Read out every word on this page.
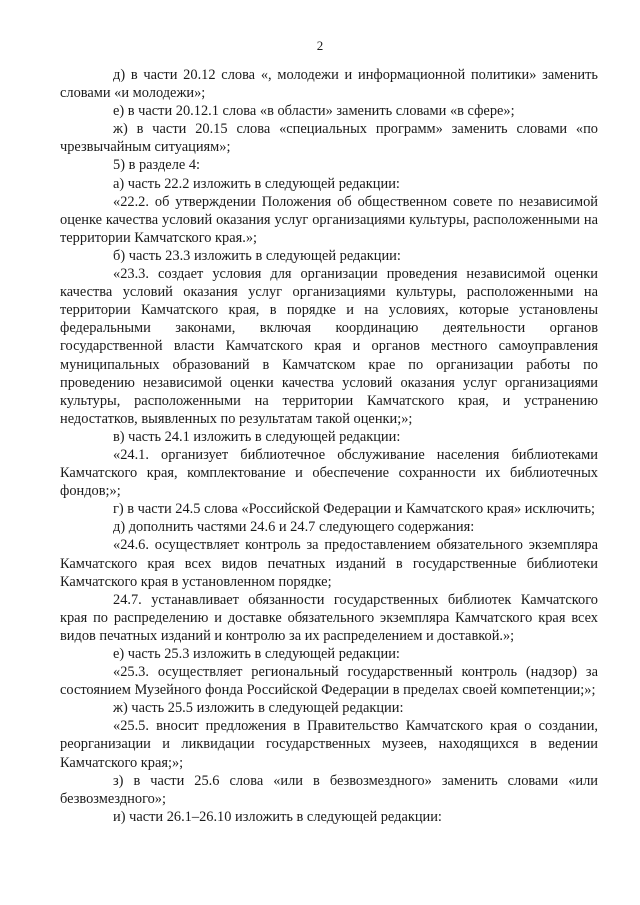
2

д) в части 20.12 слова «, молодежи и информационной политики» заменить словами «и молодежи»;

е) в части 20.12.1 слова «в области» заменить словами «в сфере»;

ж) в части 20.15 слова «специальных программ» заменить словами «по чрезвычайным ситуациям»;

5) в разделе 4:

а) часть 22.2 изложить в следующей редакции:

«22.2. об утверждении Положения об общественном совете по независимой оценке качества условий оказания услуг организациями культуры, расположенными на территории Камчатского края.»;

б) часть 23.3 изложить в следующей редакции:

«23.3. создает условия для организации проведения независимой оценки качества условий оказания услуг организациями культуры, расположенными на территории Камчатского края, в порядке и на условиях, которые установлены федеральными законами, включая координацию деятельности органов государственной власти Камчатского края и органов местного самоуправления муниципальных образований в Камчатском крае по организации работы по проведению независимой оценки качества условий оказания услуг организациями культуры, расположенными на территории Камчатского края, и устранению недостатков, выявленных по результатам такой оценки;»;

в) часть 24.1 изложить в следующей редакции:

«24.1. организует библиотечное обслуживание населения библиотеками Камчатского края, комплектование и обеспечение сохранности их библиотечных фондов;»;

г) в части 24.5 слова «Российской Федерации и Камчатского края» исключить;

д) дополнить частями 24.6 и 24.7 следующего содержания:

«24.6. осуществляет контроль за предоставлением обязательного экземпляра Камчатского края всех видов печатных изданий в государственные библиотеки Камчатского края в установленном порядке;

24.7. устанавливает обязанности государственных библиотек Камчатского края по распределению и доставке обязательного экземпляра Камчатского края всех видов печатных изданий и контролю за их распределением и доставкой.»;

е) часть 25.3 изложить в следующей редакции:

«25.3. осуществляет региональный государственный контроль (надзор) за состоянием Музейного фонда Российской Федерации в пределах своей компетенции;»;

ж) часть 25.5 изложить в следующей редакции:

«25.5. вносит предложения в Правительство Камчатского края о создании, реорганизации и ликвидации государственных музеев, находящихся в ведении Камчатского края;»;

з) в части 25.6 слова «или в безвозмездного» заменить словами «или безвозмездного»;

и) части 26.1–26.10 изложить в следующей редакции:
